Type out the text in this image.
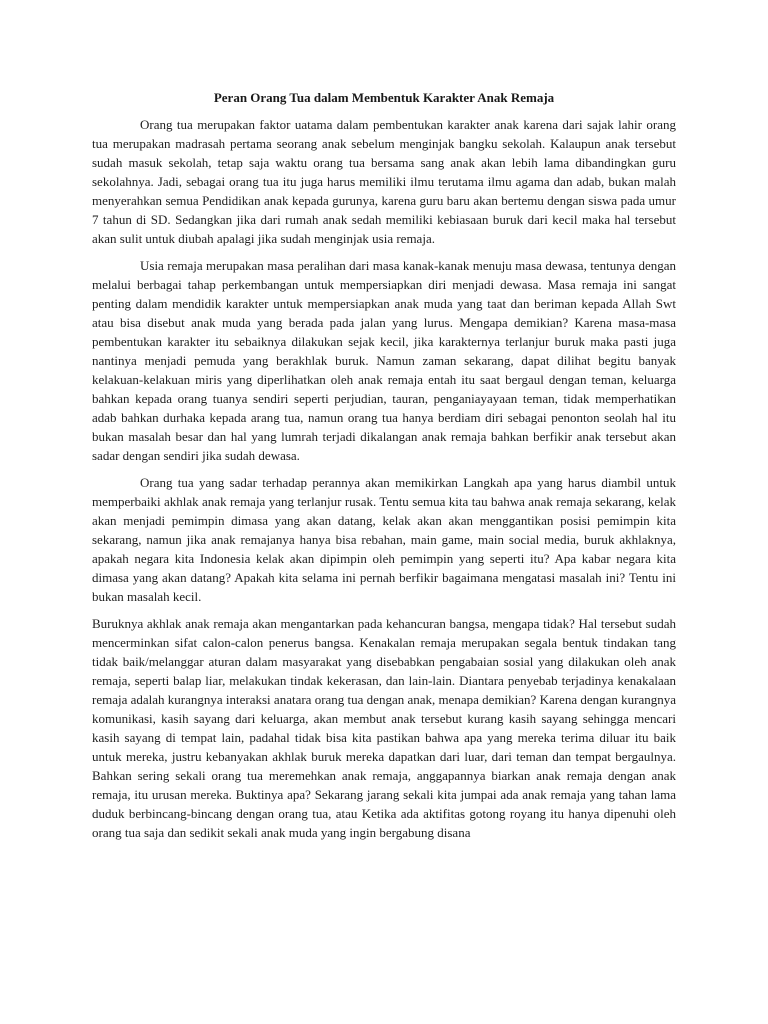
Peran Orang Tua dalam Membentuk Karakter Anak Remaja

Orang tua merupakan faktor uatama dalam pembentukan karakter anak karena dari sajak lahir orang tua merupakan madrasah pertama seorang anak sebelum menginjak bangku sekolah. Kalaupun anak tersebut sudah masuk sekolah, tetap saja waktu orang tua bersama sang anak akan lebih lama dibandingkan guru sekolahnya. Jadi, sebagai orang tua itu juga harus memiliki ilmu terutama ilmu agama dan adab, bukan malah menyerahkan semua Pendidikan anak kepada gurunya, karena guru baru akan bertemu dengan siswa pada umur 7 tahun di SD. Sedangkan jika dari rumah anak sedah memiliki kebiasaan buruk dari kecil maka hal tersebut akan sulit untuk diubah apalagi jika sudah menginjak usia remaja.

Usia remaja merupakan masa peralihan dari masa kanak-kanak menuju masa dewasa, tentunya dengan melalui berbagai tahap perkembangan untuk mempersiapkan diri menjadi dewasa. Masa remaja ini sangat penting dalam mendidik karakter untuk mempersiapkan anak muda yang taat dan beriman kepada Allah Swt atau bisa disebut anak muda yang berada pada jalan yang lurus. Mengapa demikian? Karena masa-masa pembentukan karakter itu sebaiknya dilakukan sejak kecil, jika karakternya terlanjur buruk maka pasti juga nantinya menjadi pemuda yang berakhlak buruk. Namun zaman sekarang, dapat dilihat begitu banyak kelakuan-kelakuan miris yang diperlihatkan oleh anak remaja entah itu saat bergaul dengan teman, keluarga bahkan kepada orang tuanya sendiri seperti perjudian, tauran, penganiayayaan teman, tidak memperhatikan adab bahkan durhaka kepada arang tua, namun orang tua hanya berdiam diri sebagai penonton seolah hal itu bukan masalah besar dan hal yang lumrah terjadi dikalangan anak remaja bahkan berfikir anak tersebut akan sadar dengan sendiri jika sudah dewasa.

Orang tua yang sadar terhadap perannya akan memikirkan Langkah apa yang harus diambil untuk memperbaiki akhlak anak remaja yang terlanjur rusak. Tentu semua kita tau bahwa anak remaja sekarang, kelak akan menjadi pemimpin dimasa yang akan datang, kelak akan akan menggantikan posisi pemimpin kita sekarang, namun jika anak remajanya hanya bisa rebahan, main game, main social media, buruk akhlaknya, apakah negara kita Indonesia kelak akan dipimpin oleh pemimpin yang seperti itu? Apa kabar negara kita dimasa yang akan datang? Apakah kita selama ini pernah berfikir bagaimana mengatasi masalah ini? Tentu ini bukan masalah kecil.

Buruknya akhlak anak remaja akan mengantarkan pada kehancuran bangsa, mengapa tidak? Hal tersebut sudah mencerminkan sifat calon-calon penerus bangsa. Kenakalan remaja merupakan segala bentuk tindakan tang tidak baik/melanggar aturan dalam masyarakat yang disebabkan pengabaian sosial yang dilakukan oleh anak remaja, seperti balap liar, melakukan tindak kekerasan, dan lain-lain. Diantara penyebab terjadinya kenakalaan remaja adalah kurangnya interaksi anatara orang tua dengan anak, menapa demikian? Karena dengan kurangnya komunikasi, kasih sayang dari keluarga, akan membut anak tersebut kurang kasih sayang sehingga mencari kasih sayang di tempat lain, padahal tidak bisa kita pastikan bahwa apa yang mereka terima diluar itu baik untuk mereka, justru kebanyakan akhlak buruk mereka dapatkan dari luar, dari teman dan tempat bergaulnya. Bahkan sering sekali orang tua meremehkan anak remaja, anggapannya biarkan anak remaja dengan anak remaja, itu urusan mereka. Buktinya apa? Sekarang jarang sekali kita jumpai ada anak remaja yang tahan lama duduk berbincang-bincang dengan orang tua, atau Ketika ada aktifitas gotong royang itu hanya dipenuhi oleh orang tua saja dan sedikit sekali anak muda yang ingin bergabung disana
